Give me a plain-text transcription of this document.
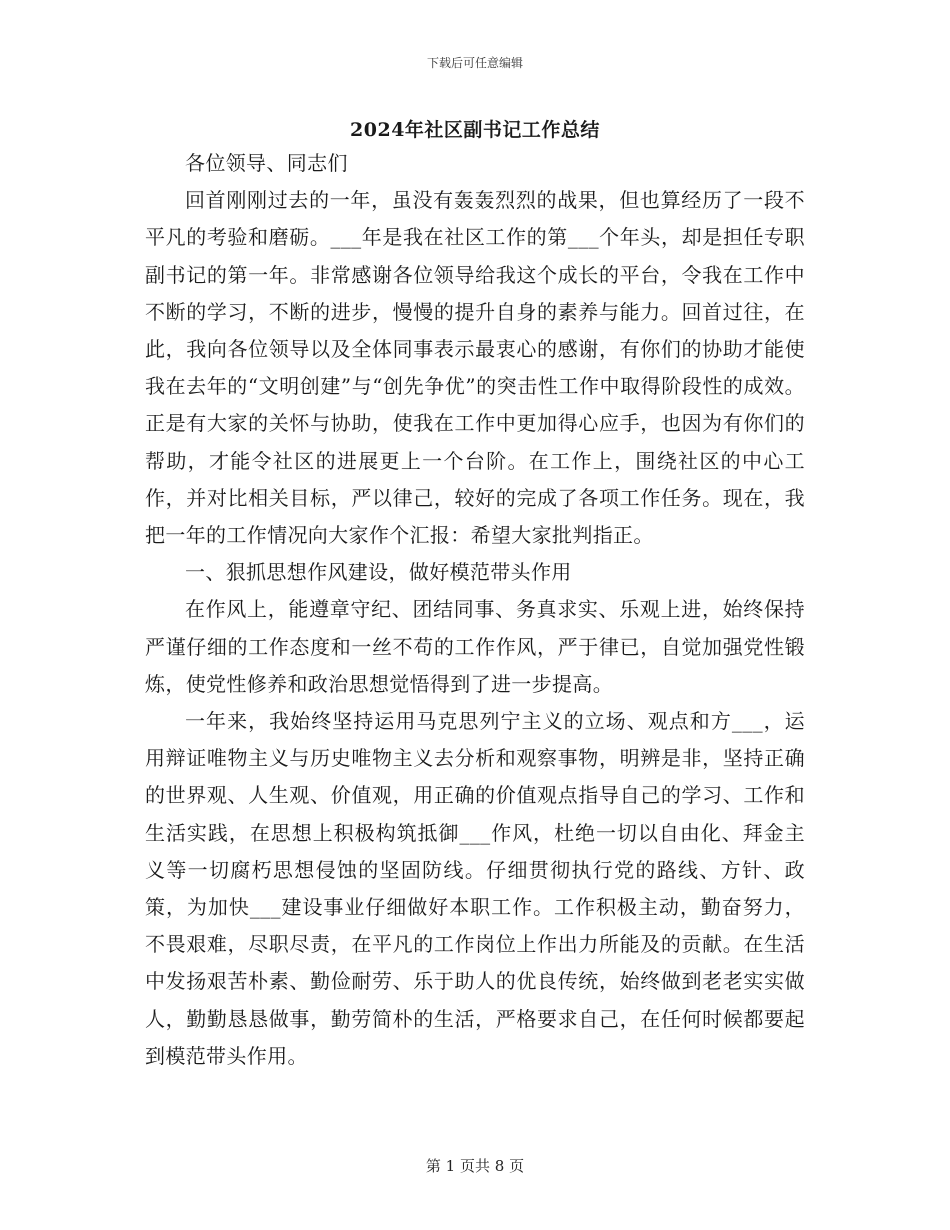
下载后可任意编辑
2024年社区副书记工作总结

各位领导、同志们

回首刚刚过去的一年，虽没有轰轰烈烈的战果，但也算经历了一段不平凡的考验和磨砺。___年是我在社区工作的第___个年头，却是担任专职副书记的第一年。非常感谢各位领导给我这个成长的平台，令我在工作中不断的学习，不断的进步，慢慢的提升自身的素养与能力。回首过往，在此，我向各位领导以及全体同事表示最衷心的感谢，有你们的协助才能使我在去年的“文明创建”与“创先争优”的突击性工作中取得阶段性的成效。正是有大家的关怀与协助，使我在工作中更加得心应手，也因为有你们的帮助，才能令社区的进展更上一个台阶。在工作上，围绕社区的中心工作，并对比相关目标，严以律己，较好的完成了各项工作任务。现在，我把一年的工作情况向大家作个汇报：希望大家批判指正。

一、狠抓思想作风建设，做好模范带头作用

在作风上，能遵章守纪、团结同事、务真求实、乐观上进，始终保持严谨仔细的工作态度和一丝不苟的工作作风，严于律已，自觉加强党性锻炼，使党性修养和政治思想觉悟得到了进一步提高。

一年来，我始终坚持运用马克思列宁主义的立场、观点和方___，运用辩证唯物主义与历史唯物主义去分析和观察事物，明辨是非，坚持正确的世界观、人生观、价值观，用正确的价值观点指导自己的学习、工作和生活实践，在思想上积极构筑抵御___作风，杜绝一切以自由化、拜金主义等一切腐朽思想侵蚀的坚固防线。仔细贯彻执行党的路线、方针、政策，为加快___建设事业仔细做好本职工作。工作积极主动，勤奋努力，不畏艰难，尽职尽责，在平凡的工作岗位上作出力所能及的贡献。在生活中发扬艰苦朴素、勤俭耐劳、乐于助人的优良传统，始终做到老老实实做人，勤勤恳恳做事，勤劳简朴的生活，严格要求自己，在任何时候都要起到模范带头作用。

第 1 页共 8 页
